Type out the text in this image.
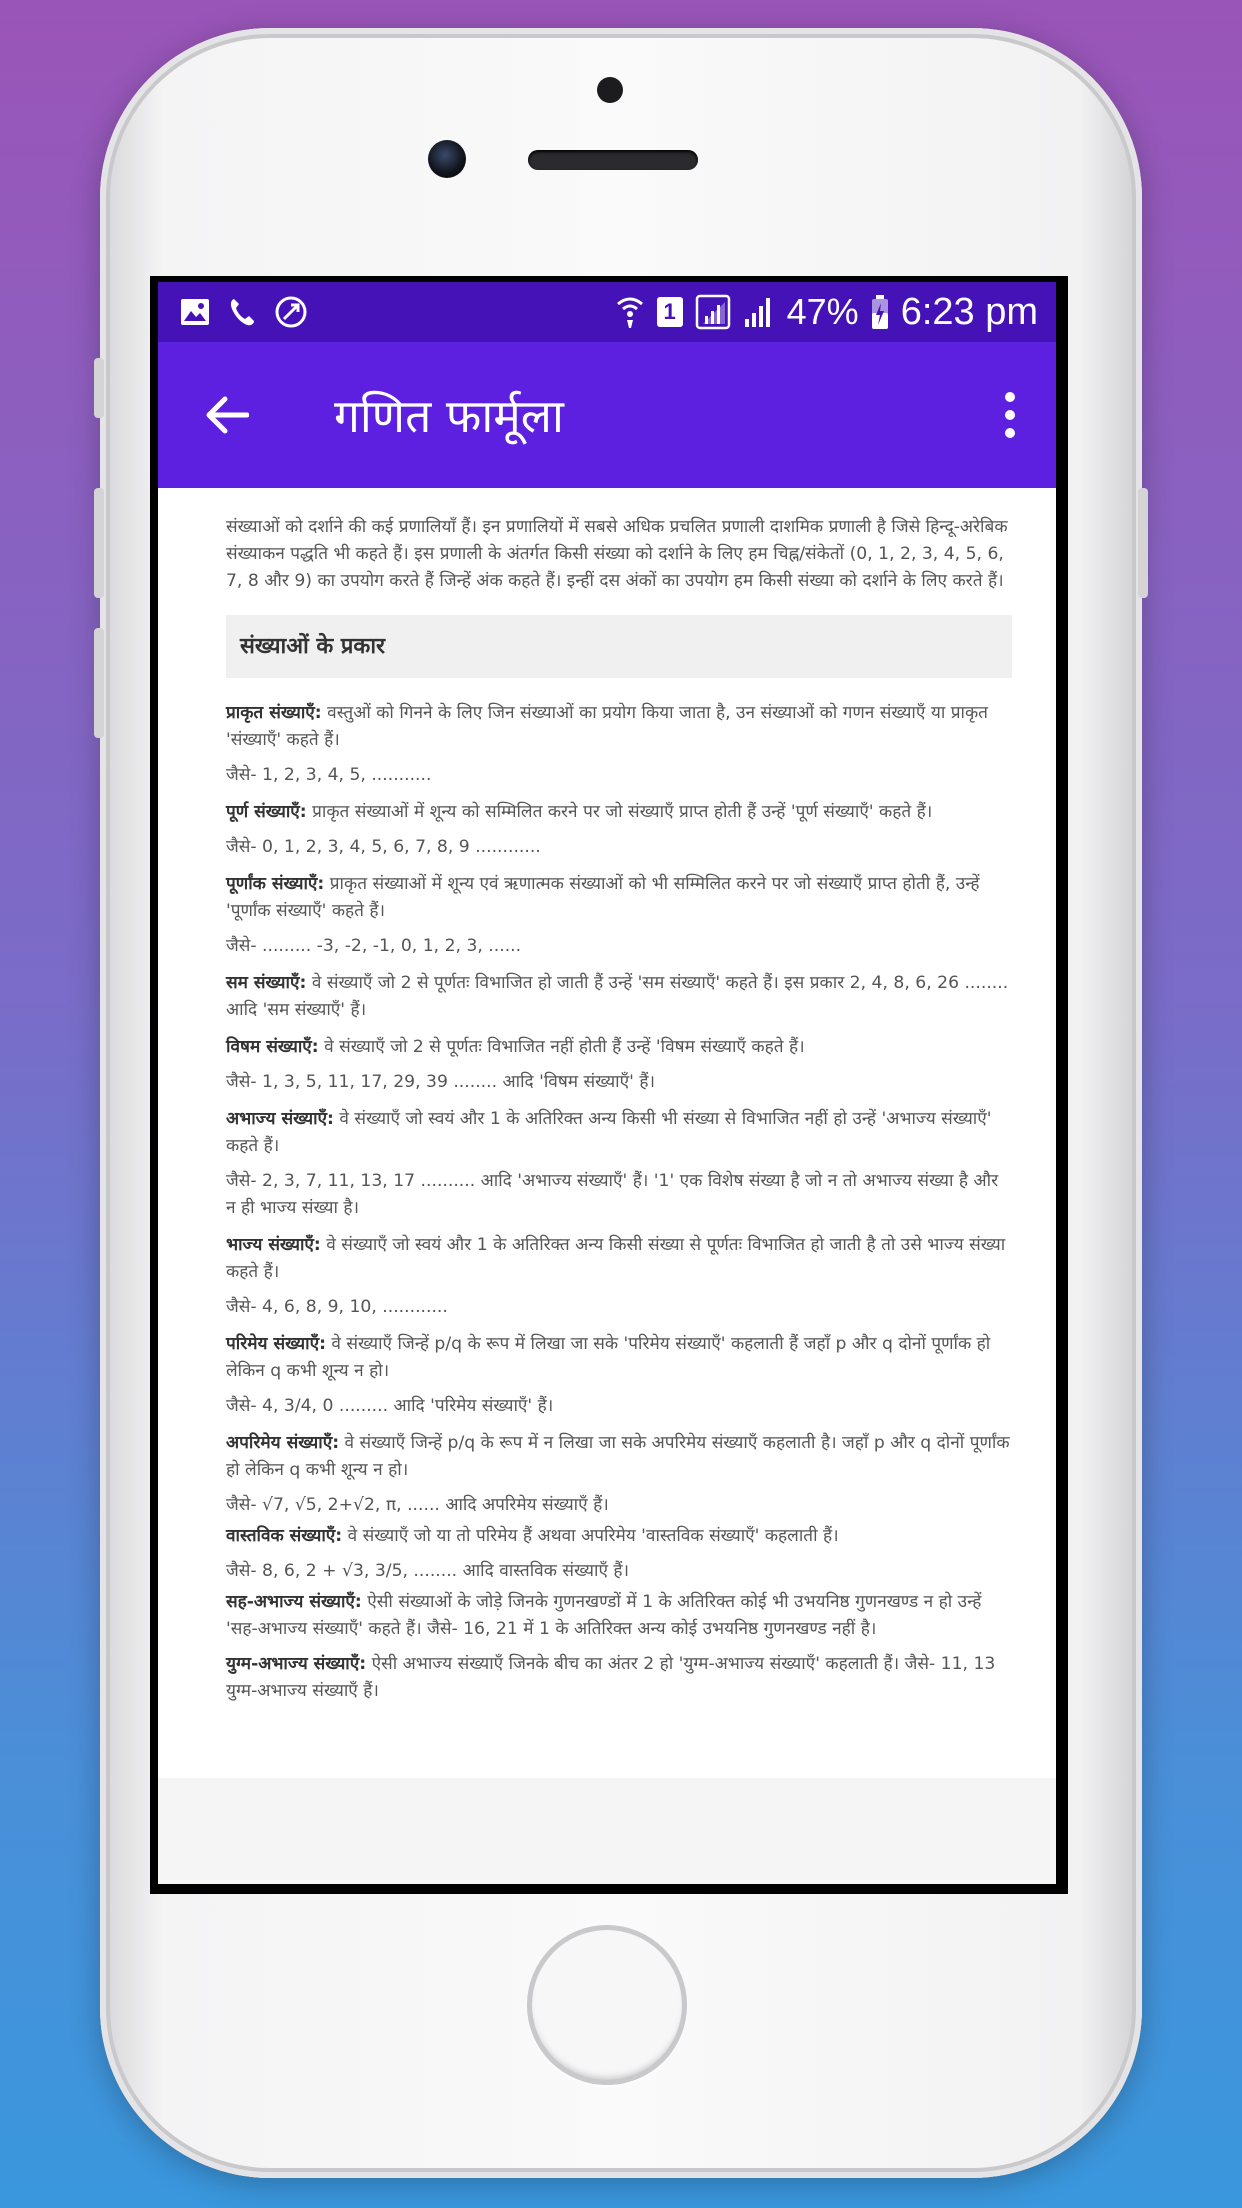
1	47% 6:23 pm
गणित फार्मूला

संख्याओं को दर्शाने की कई प्रणालियाँ हैं। इन प्रणालियों में सबसे अधिक प्रचलित प्रणाली दाशमिक प्रणाली है जिसे हिन्दू-अरेबिक संख्याकन पद्धति भी कहते हैं। इस प्रणाली के अंतर्गत किसी संख्या को दर्शाने के लिए हम चिह्न/संकेतों (0, 1, 2, 3, 4, 5, 6, 7, 8 और 9) का उपयोग करते हैं जिन्हें अंक कहते हैं। इन्हीं दस अंकों का उपयोग हम किसी संख्या को दर्शाने के लिए करते हैं।

संख्याओं के प्रकार

प्राकृत संख्याएँ: वस्तुओं को गिनने के लिए जिन संख्याओं का प्रयोग किया जाता है, उन संख्याओं को गणन संख्याएँ या प्राकृत 'संख्याएँ' कहते हैं।

जैसे- 1, 2, 3, 4, 5, ...........

पूर्ण संख्याएँ: प्राकृत संख्याओं में शून्य को सम्मिलित करने पर जो संख्याएँ प्राप्त होती हैं उन्हें 'पूर्ण संख्याएँ' कहते हैं।

जैसे- 0, 1, 2, 3, 4, 5, 6, 7, 8, 9 ............

पूर्णांक संख्याएँ: प्राकृत संख्याओं में शून्य एवं ऋणात्मक संख्याओं को भी सम्मिलित करने पर जो संख्याएँ प्राप्त होती हैं, उन्हें 'पूर्णांक संख्याएँ' कहते हैं।

जैसे- ......... -3, -2, -1, 0, 1, 2, 3, ......

सम संख्याएँ: वे संख्याएँ जो 2 से पूर्णतः विभाजित हो जाती हैं उन्हें 'सम संख्याएँ' कहते हैं। इस प्रकार 2, 4, 8, 6, 26 ........ आदि 'सम संख्याएँ' हैं।

विषम संख्याएँ: वे संख्याएँ जो 2 से पूर्णतः विभाजित नहीं होती हैं उन्हें 'विषम संख्याएँ कहते हैं।

जैसे- 1, 3, 5, 11, 17, 29, 39 ........ आदि 'विषम संख्याएँ' हैं।

अभाज्य संख्याएँ: वे संख्याएँ जो स्वयं और 1 के अतिरिक्त अन्य किसी भी संख्या से विभाजित नहीं हो उन्हें 'अभाज्य संख्याएँ' कहते हैं।

जैसे- 2, 3, 7, 11, 13, 17 .......... आदि 'अभाज्य संख्याएँ' हैं। '1' एक विशेष संख्या है जो न तो अभाज्य संख्या है और न ही भाज्य संख्या है।

भाज्य संख्याएँ: वे संख्याएँ जो स्वयं और 1 के अतिरिक्त अन्य किसी संख्या से पूर्णतः विभाजित हो जाती है तो उसे भाज्य संख्या कहते हैं।

जैसे- 4, 6, 8, 9, 10, ............

परिमेय संख्याएँ: वे संख्याएँ जिन्हें p/q के रूप में लिखा जा सके 'परिमेय संख्याएँ' कहलाती हैं जहाँ p और q दोनों पूर्णांक हो लेकिन q कभी शून्य न हो।

जैसे- 4, 3/4, 0 ......... आदि 'परिमेय संख्याएँ' हैं।

अपरिमेय संख्याएँ: वे संख्याएँ जिन्हें p/q के रूप में न लिखा जा सके अपरिमेय संख्याएँ कहलाती है। जहाँ p और q दोनों पूर्णांक हो लेकिन q कभी शून्य न हो।

जैसे- √7, √5, 2+√2, π, ...... आदि अपरिमेय संख्याएँ हैं।

वास्तविक संख्याएँ: वे संख्याएँ जो या तो परिमेय हैं अथवा अपरिमेय 'वास्तविक संख्याएँ' कहलाती हैं।

जैसे- 8, 6, 2 + √3, 3/5, ........ आदि वास्तविक संख्याएँ हैं।

सह-अभाज्य संख्याएँ: ऐसी संख्याओं के जोड़े जिनके गुणनखण्डों में 1 के अतिरिक्त कोई भी उभयनिष्ठ गुणनखण्ड न हो उन्हें 'सह-अभाज्य संख्याएँ' कहते हैं। जैसे- 16, 21 में 1 के अतिरिक्त अन्य कोई उभयनिष्ठ गुणनखण्ड नहीं है।

युग्म-अभाज्य संख्याएँ: ऐसी अभाज्य संख्याएँ जिनके बीच का अंतर 2 हो 'युग्म-अभाज्य संख्याएँ' कहलाती हैं। जैसे- 11, 13 युग्म-अभाज्य संख्याएँ हैं।
